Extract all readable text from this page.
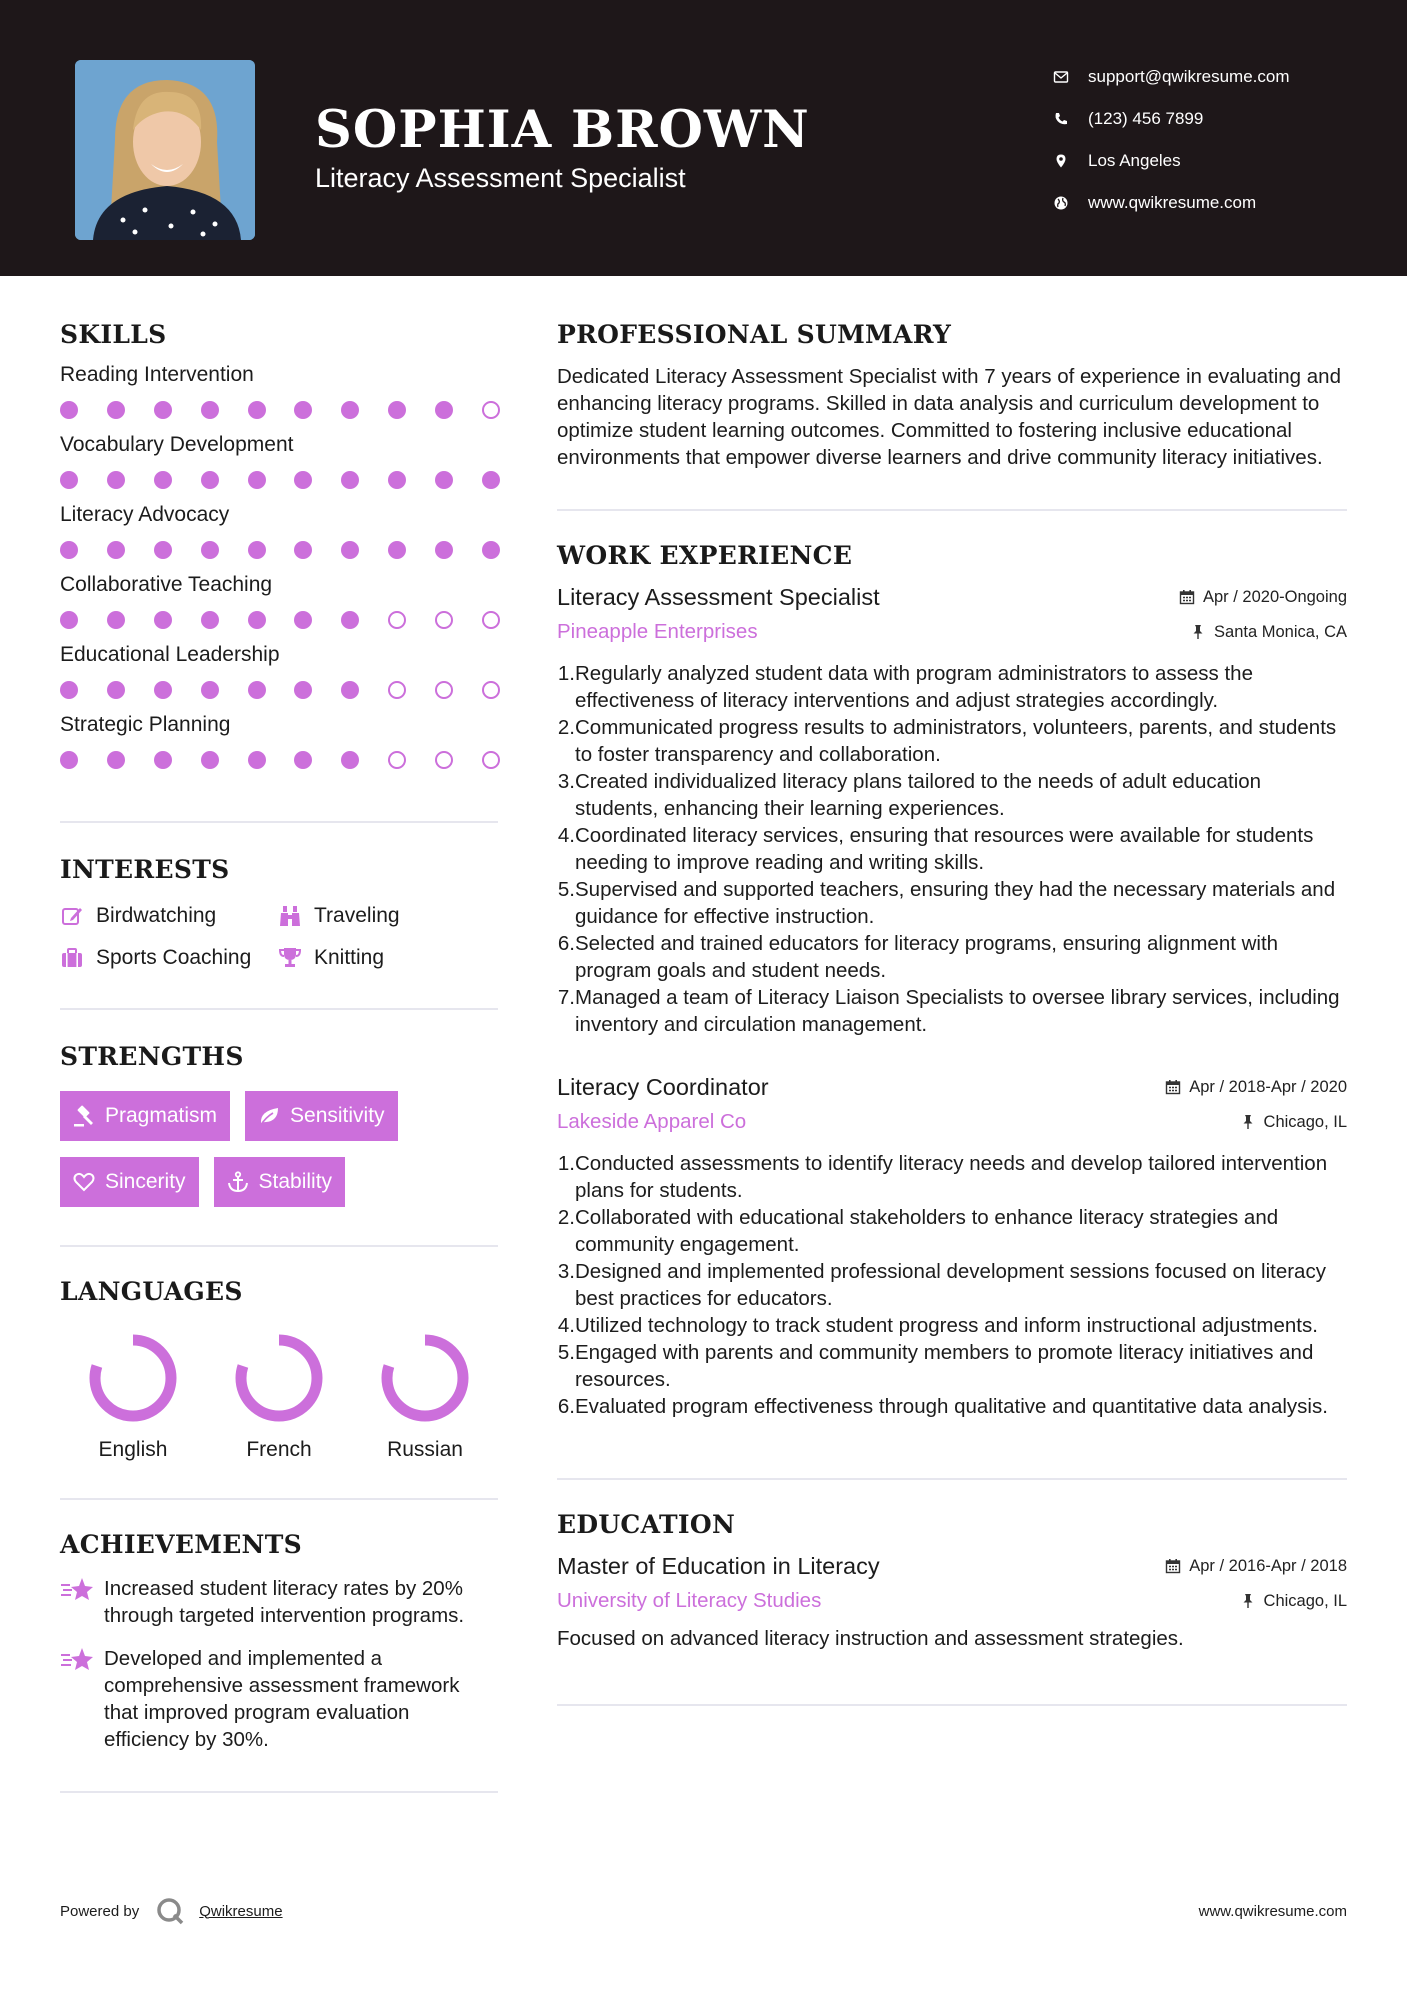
SOPHIA BROWN
Literacy Assessment Specialist
support@qwikresume.com
(123) 456 7899
Los Angeles
www.qwikresume.com
SKILLS
Reading Intervention
Vocabulary Development
Literacy Advocacy
Collaborative Teaching
Educational Leadership
Strategic Planning
INTERESTS
Birdwatching	Traveling
Sports Coaching	Knitting
STRENGTHS
Pragmatism	Sensitivity
Sincerity	Stability
LANGUAGES
English	French	Russian
ACHIEVEMENTS
Increased student literacy rates by 20% through targeted intervention programs.
Developed and implemented a comprehensive assessment framework that improved program evaluation efficiency by 30%.
PROFESSIONAL SUMMARY
Dedicated Literacy Assessment Specialist with 7 years of experience in evaluating and enhancing literacy programs. Skilled in data analysis and curriculum development to optimize student learning outcomes. Committed to fostering inclusive educational environments that empower diverse learners and drive community literacy initiatives.
WORK EXPERIENCE
Literacy Assessment Specialist	Apr / 2020-Ongoing
Pineapple Enterprises	Santa Monica, CA
1. Regularly analyzed student data with program administrators to assess the effectiveness of literacy interventions and adjust strategies accordingly.
2. Communicated progress results to administrators, volunteers, parents, and students to foster transparency and collaboration.
3. Created individualized literacy plans tailored to the needs of adult education students, enhancing their learning experiences.
4. Coordinated literacy services, ensuring that resources were available for students needing to improve reading and writing skills.
5. Supervised and supported teachers, ensuring they had the necessary materials and guidance for effective instruction.
6. Selected and trained educators for literacy programs, ensuring alignment with program goals and student needs.
7. Managed a team of Literacy Liaison Specialists to oversee library services, including inventory and circulation management.
Literacy Coordinator	Apr / 2018-Apr / 2020
Lakeside Apparel Co	Chicago, IL
1. Conducted assessments to identify literacy needs and develop tailored intervention plans for students.
2. Collaborated with educational stakeholders to enhance literacy strategies and community engagement.
3. Designed and implemented professional development sessions focused on literacy best practices for educators.
4. Utilized technology to track student progress and inform instructional adjustments.
5. Engaged with parents and community members to promote literacy initiatives and resources.
6. Evaluated program effectiveness through qualitative and quantitative data analysis.
EDUCATION
Master of Education in Literacy	Apr / 2016-Apr / 2018
University of Literacy Studies	Chicago, IL
Focused on advanced literacy instruction and assessment strategies.
Powered by	Qwikresume	www.qwikresume.com
